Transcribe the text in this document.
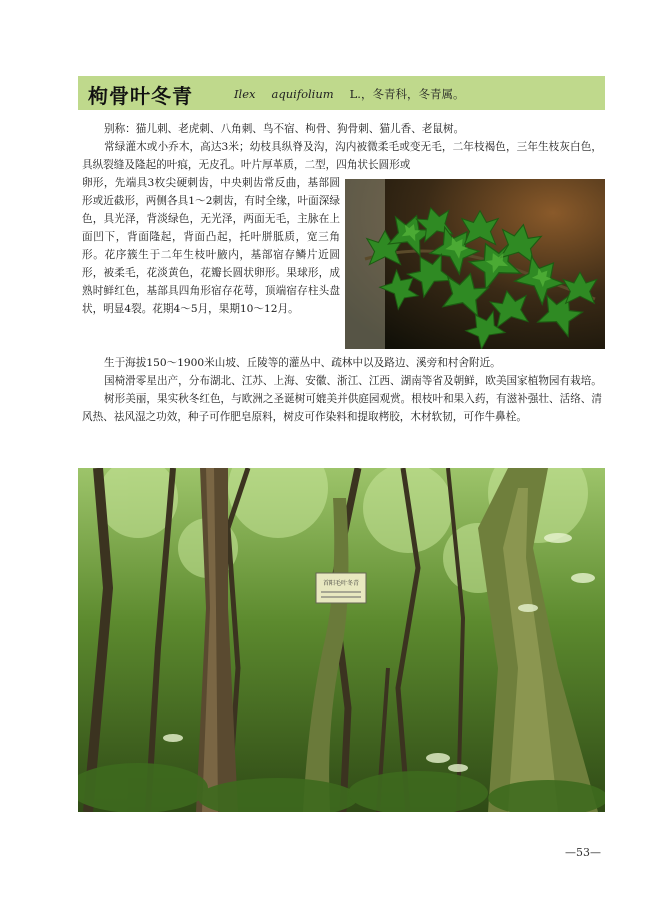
枸骨叶冬青	Ilex aquifolium L.，冬青科，冬青属。
别称：猫儿刺、老虎刺、八角刺、鸟不宿、枸骨、狗骨刺、猫儿香、老鼠树。
常绿灌木或小乔木，高达3米；幼枝具纵脊及沟，沟内被微柔毛或变无毛，二年枝褐色，三年生枝灰白色，具纵裂缝及隆起的叶痕，无皮孔。叶片厚革质，二型，四角状长圆形或
卵形，先端具3枚尖硬刺齿，中央刺齿常反曲，基部圆形或近截形，两侧各具1～2刺齿，有时全缘，叶面深绿色，具光泽，背淡绿色，无光泽，两面无毛，主脉在上面凹下，背面隆起，背面凸起，托叶胼胝质，宽三角形。花序簇生于二年生枝叶腋内，基部宿存鳞片近圆形，被柔毛，花淡黄色，花瓣长圆状卵形。果球形，成熟时鲜红色，基部具四角形宿存花萼，顶端宿存柱头盘状，明显4裂。花期4～5月，果期10～12月。
生于海拔150～1900米山坡、丘陵等的灌丛中、疏林中以及路边、溪旁和村舍附近。
国椅滑零星出产，分布湖北、江苏、上海、安徽、浙江、江西、湖南等省及朝鲜，欧美国家植物园有栽培。
树形美丽，果实秋冬红色，与欧洲之圣诞树可媲美并供庭园观赏。根枝叶和果入药，有滋补强壮、活络、清风热、祛风湿之功效，种子可作肥皂原料，树皮可作染料和提取栲胶，木材软韧，可作牛鼻栓。
首阳毛叶冬青
—53—
